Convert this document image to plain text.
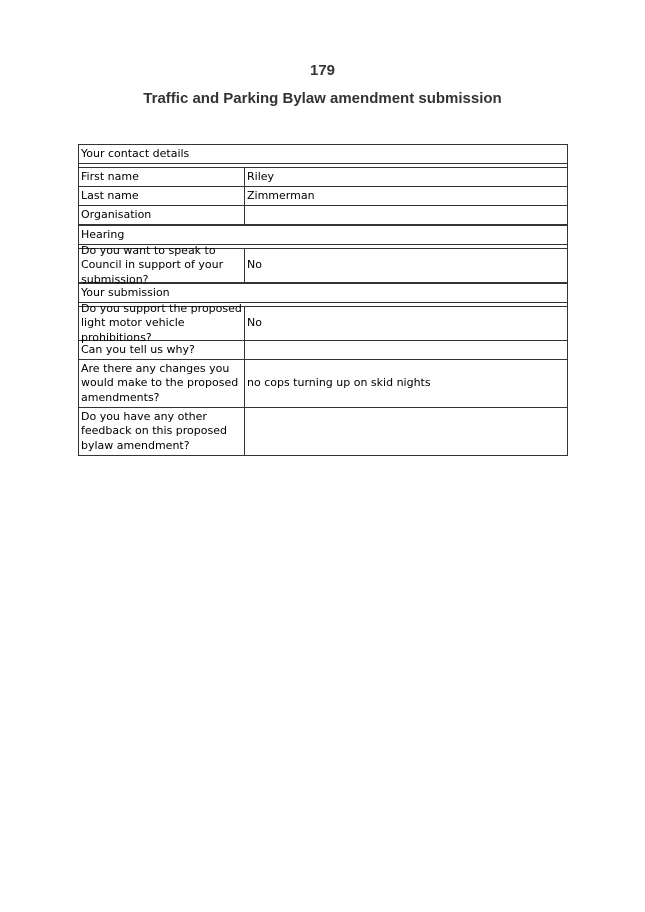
179
Traffic and Parking Bylaw amendment submission
Your contact details
First name	Riley
Last name	Zimmerman
Organisation
Hearing
Do you want to speak to Council in support of your submission?
No
Your submission
Do you support the proposed light motor vehicle prohibitions?
No
Can you tell us why?
Are there any changes you would make to the proposed amendments?
no cops turning up on skid nights
Do you have any other feedback on this proposed bylaw amendment?
